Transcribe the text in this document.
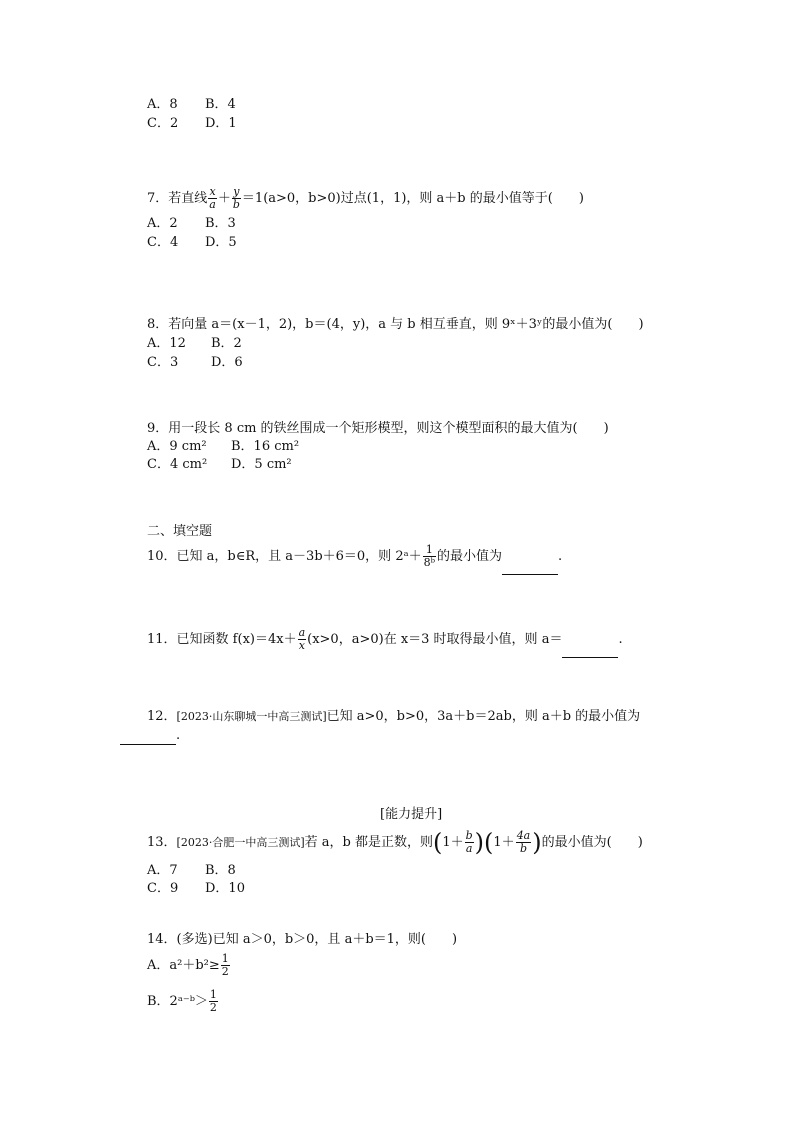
A．8 B．4
C．2 D．1
7．若直线 $\frac{x}{a} + \frac{y}{b} =1(a>0$，b>0)过点(1，1)，则 a＋b 的最小值等于(　　)
A．2 B．3
C．4 D．5
8．若向量 a＝(x－1，2)，b＝(4，y)，a 与 b 相互垂直，则 9ˣ＋3ʸ的最小值为(　　)
A．12 B．2
C．3	D．6
9．用一段长 8 cm 的铁丝围成一个矩形模型，则这个模型面积的最大值为(　　)
A．9 cm² B．16 cm²
C．4 cm² D．5 cm²
二、填空题
10．已知 a，b∈R，且 a－3b＋6＝0，则 2ᵃ＋ $\frac{1}{\text{8ᵇ}}$ 的最小值为	.
11．已知函数 $f(x)=4x+ \frac{a}{x} (x>0$，a>0)在 x＝3 时取得最小值，则 a＝	.
12．[2023·山东聊城一中高三测试]已知 a>0，b>0，3a＋b＝2ab，则 a＋b 的最小值为
.
[能力提升]
13．[2023·合肥一中高三测试]若 a，b 都是正数，则$(1+ \frac{b}{a} )(1+ \frac{4a}{b}$ )的最小值为(　　)
A．7 B．8
C．9 D．10
14．(多选)已知 a＞0，b＞0，且 a＋b＝1，则(　　)
A．$a^2+b^2\ge \frac{1}{2}$
B．2ᵃ⁻ᵇ＞ $\frac{1}{2}$
